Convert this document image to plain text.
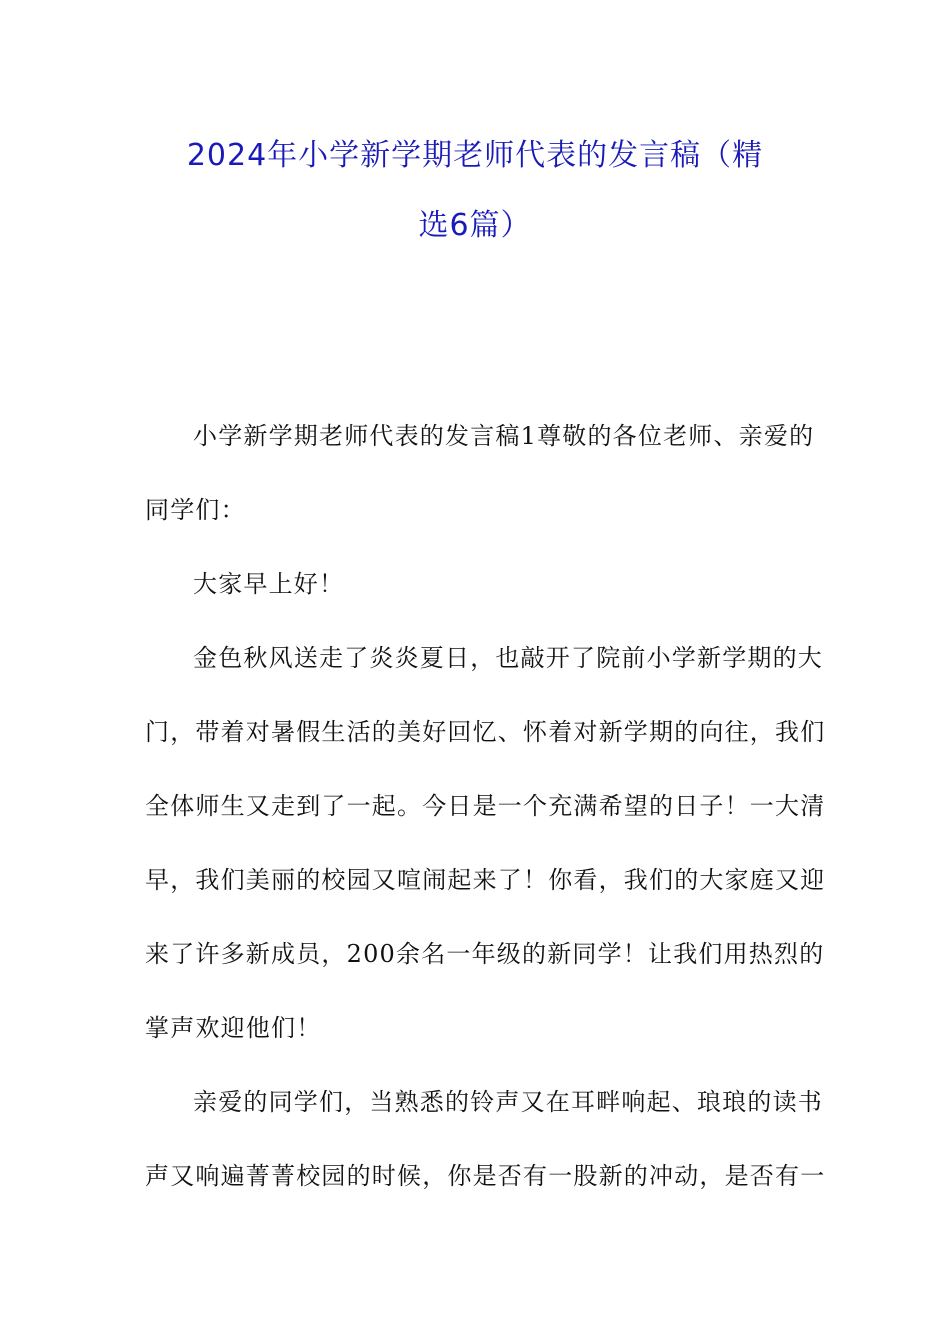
2024年小学新学期老师代表的发言稿（精
选6篇）
小学新学期老师代表的发言稿1尊敬的各位老师、亲爱的
同学们：
大家早上好！
金色秋风送走了炎炎夏日，也敲开了院前小学新学期的大
门，带着对暑假生活的美好回忆、怀着对新学期的向往，我们
全体师生又走到了一起。今日是一个充满希望的日子！一大清
早，我们美丽的校园又喧闹起来了！你看，我们的大家庭又迎
来了许多新成员，200余名一年级的新同学！让我们用热烈的
掌声欢迎他们！
亲爱的同学们，当熟悉的铃声又在耳畔响起、琅琅的读书
声又响遍菁菁校园的时候，你是否有一股新的冲动，是否有一
